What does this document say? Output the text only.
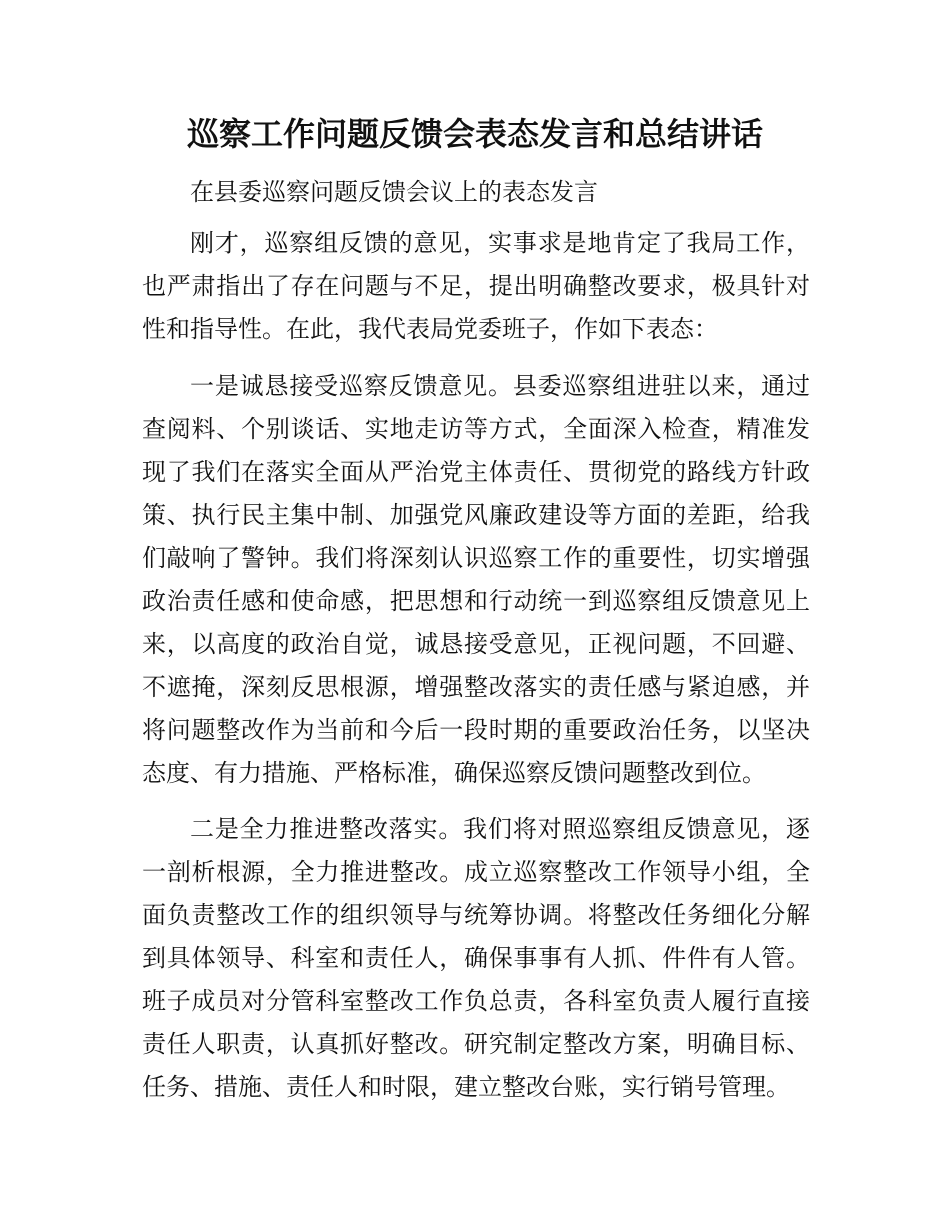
巡察工作问题反馈会表态发言和总结讲话
在县委巡察问题反馈会议上的表态发言

刚才，巡察组反馈的意见，实事求是地肯定了我局工作，也严肃指出了存在问题与不足，提出明确整改要求，极具针对性和指导性。在此，我代表局党委班子，作如下表态：

一是诚恳接受巡察反馈意见。县委巡察组进驻以来，通过查阅料、个别谈话、实地走访等方式，全面深入检查，精准发现了我们在落实全面从严治党主体责任、贯彻党的路线方针政策、执行民主集中制、加强党风廉政建设等方面的差距，给我们敲响了警钟。我们将深刻认识巡察工作的重要性，切实增强政治责任感和使命感，把思想和行动统一到巡察组反馈意见上来，以高度的政治自觉，诚恳接受意见，正视问题，不回避、不遮掩，深刻反思根源，增强整改落实的责任感与紧迫感，并将问题整改作为当前和今后一段时期的重要政治任务，以坚决态度、有力措施、严格标准，确保巡察反馈问题整改到位。

二是全力推进整改落实。我们将对照巡察组反馈意见，逐一剖析根源，全力推进整改。成立巡察整改工作领导小组，全面负责整改工作的组织领导与统筹协调。将整改任务细化分解到具体领导、科室和责任人，确保事事有人抓、件件有人管。班子成员对分管科室整改工作负总责，各科室负责人履行直接责任人职责，认真抓好整改。研究制定整改方案，明确目标、任务、措施、责任人和时限，建立整改台账，实行销号管理。
